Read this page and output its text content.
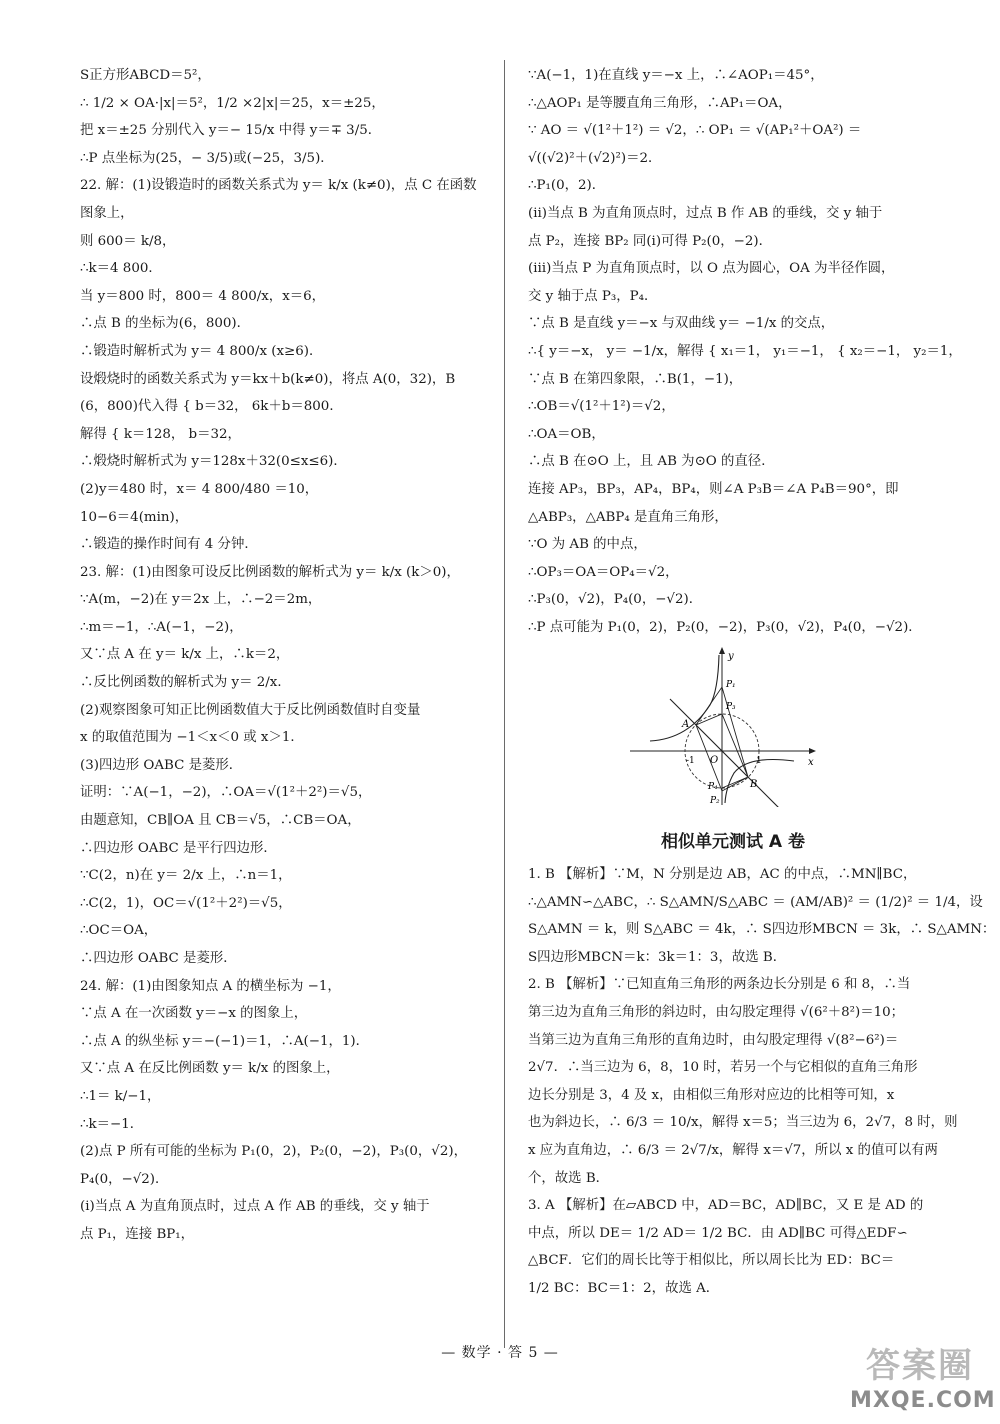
S正方形ABCD＝5²，
∴ 1/2 × OA·|x|＝5²，1/2 ×2|x|＝25，x＝±25，
把 x＝±25 分别代入 y＝− 15/x 中得 y＝∓ 3/5．
∴P 点坐标为(25，− 3/5)或(−25，3/5)．
22. 解：(1)设锻造时的函数关系式为 y＝ k/x (k≠0)，点 C 在函数
图象上，
则 600＝ k/8，
∴k＝4 800．
当 y＝800 时，800＝ 4 800/x，x＝6，
∴点 B 的坐标为(6，800)．
∴锻造时解析式为 y＝ 4 800/x (x≥6)．
设煅烧时的函数关系式为 y＝kx＋b(k≠0)，将点 A(0，32)，B
(6，800)代入得 { b＝32， 6k＋b＝800．
解得 { k＝128， b＝32，
∴煅烧时解析式为 y＝128x＋32(0≤x≤6)．
(2)y＝480 时，x＝ 4 800/480 ＝10，
10−6＝4(min)，
∴锻造的操作时间有 4 分钟．
23. 解：(1)由图象可设反比例函数的解析式为 y＝ k/x (k＞0)，
∵A(m，−2)在 y＝2x 上，∴−2＝2m，
∴m＝−1，∴A(−1，−2)，
又∵点 A 在 y＝ k/x 上，∴k＝2，
∴反比例函数的解析式为 y＝ 2/x．
(2)观察图象可知正比例函数值大于反比例函数值时自变量
x 的取值范围为 −1＜x＜0 或 x＞1．
(3)四边形 OABC 是菱形．
证明：∵A(−1，−2)，∴OA＝√(1²＋2²)＝√5，
由题意知，CB∥OA 且 CB＝√5，∴CB＝OA，
∴四边形 OABC 是平行四边形．
∵C(2，n)在 y＝ 2/x 上，∴n＝1，
∴C(2，1)，OC＝√(1²＋2²)＝√5，
∴OC＝OA，
∴四边形 OABC 是菱形．
24. 解：(1)由图象知点 A 的横坐标为 −1，
∵点 A 在一次函数 y＝−x 的图象上，
∴点 A 的纵坐标 y＝−(−1)＝1，∴A(−1，1)．
又∵点 A 在反比例函数 y＝ k/x 的图象上，
∴1＝ k/−1，
∴k＝−1．
(2)点 P 所有可能的坐标为 P₁(0，2)，P₂(0，−2)，P₃(0，√2)，
P₄(0，−√2)．
(ⅰ)当点 A 为直角顶点时，过点 A 作 AB 的垂线，交 y 轴于
点 P₁，连接 BP₁，
∵A(−1，1)在直线 y＝−x 上，∴∠AOP₁＝45°，
∴△AOP₁ 是等腰直角三角形，∴AP₁＝OA，
∵ AO ＝ √(1²＋1²) ＝ √2，∴ OP₁ ＝ √(AP₁²＋OA²) ＝
√((√2)²＋(√2)²)＝2．
∴P₁(0，2)．
(ⅱ)当点 B 为直角顶点时，过点 B 作 AB 的垂线，交 y 轴于
点 P₂，连接 BP₂ 同(ⅰ)可得 P₂(0，−2)．
(ⅲ)当点 P 为直角顶点时，以 O 点为圆心，OA 为半径作圆，
交 y 轴于点 P₃，P₄．
∵点 B 是直线 y＝−x 与双曲线 y＝ −1/x 的交点，
∴{ y＝−x， y＝ −1/x，解得 { x₁＝1， y₁＝−1， { x₂＝−1， y₂＝1，
∵点 B 在第四象限，∴B(1，−1)，
∴OB＝√(1²＋1²)＝√2，
∴OA＝OB，
∴点 B 在⊙O 上，且 AB 为⊙O 的直径．
连接 AP₃，BP₃，AP₄，BP₄，则∠A P₃B＝∠A P₄B＝90°，即
△ABP₃，△ABP₄ 是直角三角形，
∵O 为 AB 的中点，
∴OP₃＝OA＝OP₄＝√2，
∴P₃(0，√2)，P₄(0，−√2)．
∴P 点可能为 P₁(0，2)，P₂(0，−2)，P₃(0，√2)，P₄(0，−√2)．
y
x
A
B
O
-1	1
P₁
P₃
P₄
P₂
相似单元测试 A 卷
1. B 【解析】∵M，N 分别是边 AB，AC 的中点，∴MN∥BC，
∴△AMN∽△ABC，∴ S△AMN/S△ABC ＝ (AM/AB)² ＝ (1/2)² ＝ 1/4，设
S△AMN ＝ k，则 S△ABC ＝ 4k，∴ S四边形MBCN ＝ 3k，∴ S△AMN：
S四边形MBCN＝k：3k＝1：3，故选 B．
2. B 【解析】∵已知直角三角形的两条边长分别是 6 和 8，∴当
第三边为直角三角形的斜边时，由勾股定理得 √(6²＋8²)＝10；
当第三边为直角三角形的直角边时，由勾股定理得 √(8²−6²)＝
2√7．∴当三边为 6，8，10 时，若另一个与它相似的直角三角形
边长分别是 3，4 及 x，由相似三角形对应边的比相等可知，x
也为斜边长，∴ 6/3 ＝ 10/x，解得 x＝5；当三边为 6，2√7，8 时，则
x 应为直角边，∴ 6/3 ＝ 2√7/x，解得 x＝√7，所以 x 的值可以有两
个，故选 B．
3. A 【解析】在▱ABCD 中，AD＝BC，AD∥BC，又 E 是 AD 的
中点，所以 DE＝ 1/2 AD＝ 1/2 BC．由 AD∥BC 可得△EDF∽
△BCF．它们的周长比等于相似比，所以周长比为 ED：BC＝
1/2 BC：BC＝1：2，故选 A．
— 数学 · 答 5 —	答案圈
MXQE.COM
